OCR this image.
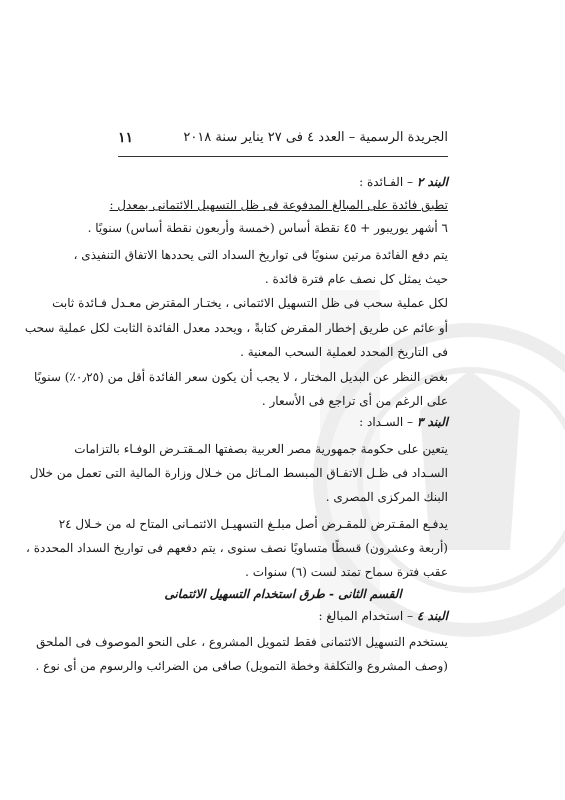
الجريدة الرسمية – العدد ٤ فى ٢٧ يناير سنة ٢٠١٨
١١
البند ٢ – الفـائدة :
تطبق فائدة على المبالغ المدفوعة فى ظل التسهيل الائتمانى بمعدل :
٦ أشهر يوريبور + ٤٥ نقطة أساس (خمسة وأربعون نقطة أساس) سنويًا .
يتم دفع الفائدة مرتين سنويًا فى تواريخ السداد التى يحددها الاتفاق التنفيذى ،
حيث يمثل كل نصف عام فترة فائدة .
لكل عملية سحب فى ظل التسهيل الائتمانى ، يختـار المقترض معـدل فـائدة ثابت
أو عائم عن طريق إخطار المقرض كتابةً ، ويحدد معدل الفائدة الثابت لكل عملية سحب
فى التاريخ المحدد لعملية السحب المعنية .
بغض النظر عن البديل المختار ، لا يجب أن يكون سعر الفائدة أقل من (٠٫٢٥٪) سنويًا
على الرغم من أى تراجع فى الأسعار .
البند ٣ – السـداد :
يتعين على حكومة جمهورية مصر العربية بصفتها المـقتـرض الوفـاء بالتزامات
السـداد فى ظـل الاتفـاق المبسط المـاثل من خـلال وزارة المالية التى تعمل من خلال
البنك المركزى المصرى .
يدفـع المقـترض للمقـرض أصل مبلـغ التسهيـل الائتمـانى المتاح له من خـلال ٢٤
(أربعة وعشرون) قسطًا متساويًا نصف سنوى ، يتم دفعهم فى تواريخ السداد المحددة ،
عقب فترة سماح تمتد لست (٦) سنوات .
القسم الثانى - طرق استخدام التسهيل الائتمانى
البند ٤ – استخدام المبالغ :
يستخدم التسهيل الائتمانى فقط لتمويل المشروع ، على النحو الموصوف فى الملحق
(وصف المشروع والتكلفة وخطة التمويل) صافى من الضرائب والرسوم من أى نوع .
